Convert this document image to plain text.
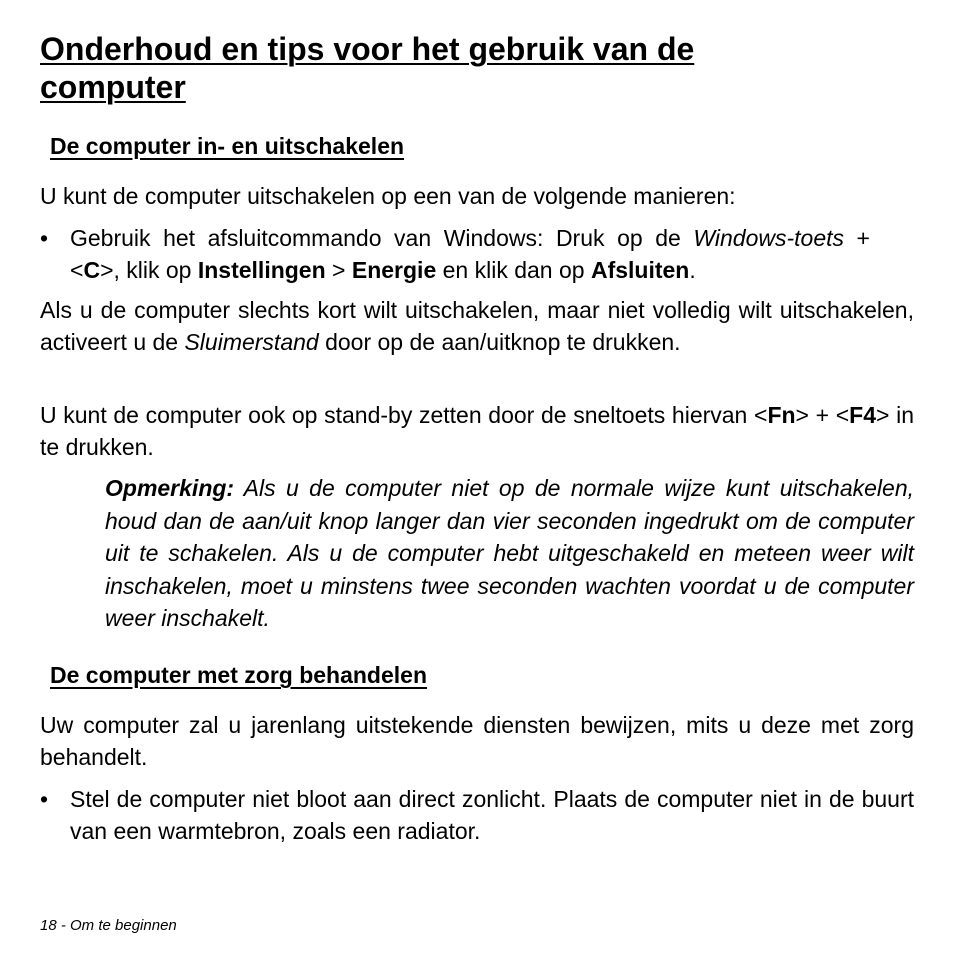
Onderhoud en tips voor het gebruik van de computer
De computer in- en uitschakelen

U kunt de computer uitschakelen op een van de volgende manieren:

• Gebruik het afsluitcommando van Windows: Druk op de Windows-toets + <C>, klik op Instellingen > Energie en klik dan op Afsluiten.

Als u de computer slechts kort wilt uitschakelen, maar niet volledig wilt uitschakelen, activeert u de Sluimerstand door op de aan/uitknop te drukken.

U kunt de computer ook op stand-by zetten door de sneltoets hiervan <Fn> + <F4> in te drukken.

Opmerking: Als u de computer niet op de normale wijze kunt uitschakelen, houd dan de aan/uit knop langer dan vier seconden ingedrukt om de computer uit te schakelen. Als u de computer hebt uitgeschakeld en meteen weer wilt inschakelen, moet u minstens twee seconden wachten voordat u de computer weer inschakelt.

De computer met zorg behandelen

Uw computer zal u jarenlang uitstekende diensten bewijzen, mits u deze met zorg behandelt.

• Stel de computer niet bloot aan direct zonlicht. Plaats de computer niet in de buurt van een warmtebron, zoals een radiator.

18 - Om te beginnen
